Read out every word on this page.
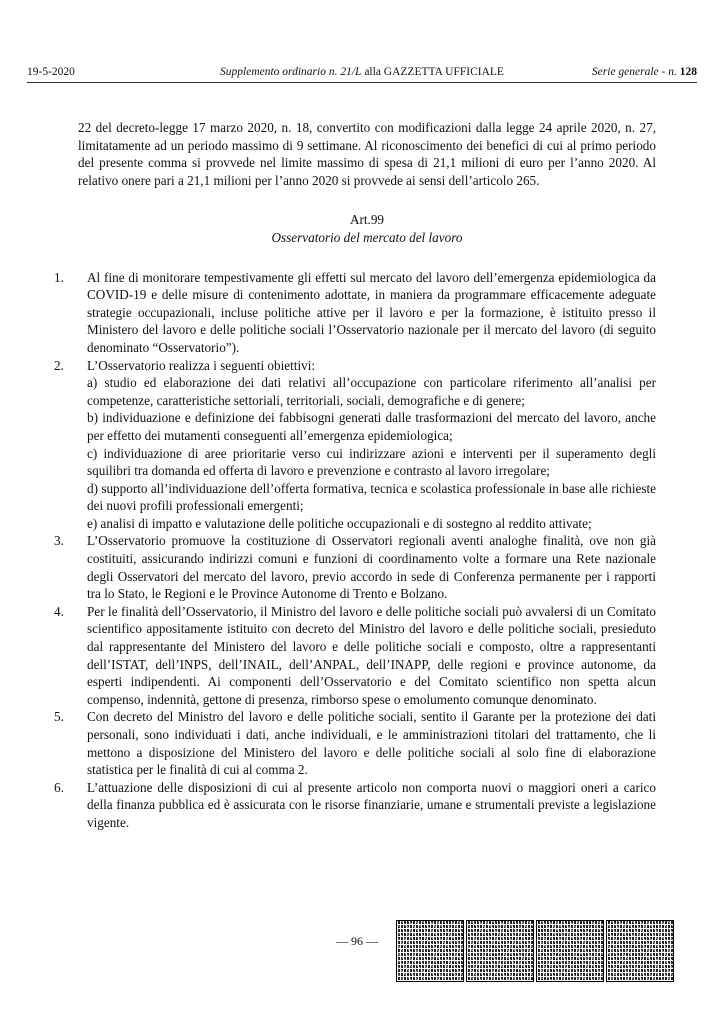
19-5-2020	Supplemento ordinario n. 21/L alla GAZZETTA UFFICIALE	Serie generale - n. 128

22 del decreto-legge 17 marzo 2020, n. 18, convertito con modificazioni dalla legge 24 aprile 2020, n. 27, limitatamente ad un periodo massimo di 9 settimane. Al riconoscimento dei benefici di cui al primo periodo del presente comma si provvede nel limite massimo di spesa di 21,1 milioni di euro per l’anno 2020. Al relativo onere pari a 21,1 milioni per l’anno 2020 si provvede ai sensi dell’articolo 265.

Art.99

Osservatorio del mercato del lavoro

1. Al fine di monitorare tempestivamente gli effetti sul mercato del lavoro dell’emergenza epidemiologica da COVID-19 e delle misure di contenimento adottate, in maniera da programmare efficacemente adeguate strategie occupazionali, incluse politiche attive per il lavoro e per la formazione, è istituito presso il Ministero del lavoro e delle politiche sociali l’Osservatorio nazionale per il mercato del lavoro (di seguito denominato “Osservatorio”).
2. L’Osservatorio realizza i seguenti obiettivi:

a) studio ed elaborazione dei dati relativi all’occupazione con particolare riferimento all’analisi per competenze, caratteristiche settoriali, territoriali, sociali, demografiche e di genere;

b) individuazione e definizione dei fabbisogni generati dalle trasformazioni del mercato del lavoro, anche per effetto dei mutamenti conseguenti all’emergenza epidemiologica;

c) individuazione di aree prioritarie verso cui indirizzare azioni e interventi per il superamento degli squilibri tra domanda ed offerta di lavoro e prevenzione e contrasto al lavoro irregolare;

d) supporto all’individuazione dell’offerta formativa, tecnica e scolastica professionale in base alle richieste dei nuovi profili professionali emergenti;

e) analisi di impatto e valutazione delle politiche occupazionali e di sostegno al reddito attivate;

3. L’Osservatorio promuove la costituzione di Osservatori regionali aventi analoghe finalità, ove non già costituiti, assicurando indirizzi comuni e funzioni di coordinamento volte a formare una Rete nazionale degli Osservatori del mercato del lavoro, previo accordo in sede di Conferenza permanente per i rapporti tra lo Stato, le Regioni e le Province Autonome di Trento e Bolzano.
4. Per le finalità dell’Osservatorio, il Ministro del lavoro e delle politiche sociali può avvalersi di un Comitato scientifico appositamente istituito con decreto del Ministro del lavoro e delle politiche sociali, presieduto dal rappresentante del Ministero del lavoro e delle politiche sociali e composto, oltre a rappresentanti dell’ISTAT, dell’INPS, dell’INAIL, dell’ANPAL, dell’INAPP, delle regioni e province autonome, da esperti indipendenti. Ai componenti dell’Osservatorio e del Comitato scientifico non spetta alcun compenso, indennità, gettone di presenza, rimborso spese o emolumento comunque denominato.
5. Con decreto del Ministro del lavoro e delle politiche sociali, sentito il Garante per la protezione dei dati personali, sono individuati i dati, anche individuali, e le amministrazioni titolari del trattamento, che li mettono a disposizione del Ministero del lavoro e delle politiche sociali al solo fine di elaborazione statistica per le finalità di cui al comma 2.
6. L’attuazione delle disposizioni di cui al presente articolo non comporta nuovi o maggiori oneri a carico della finanza pubblica ed è assicurata con le risorse finanziarie, umane e strumentali previste a legislazione vigente.
— 96 —
